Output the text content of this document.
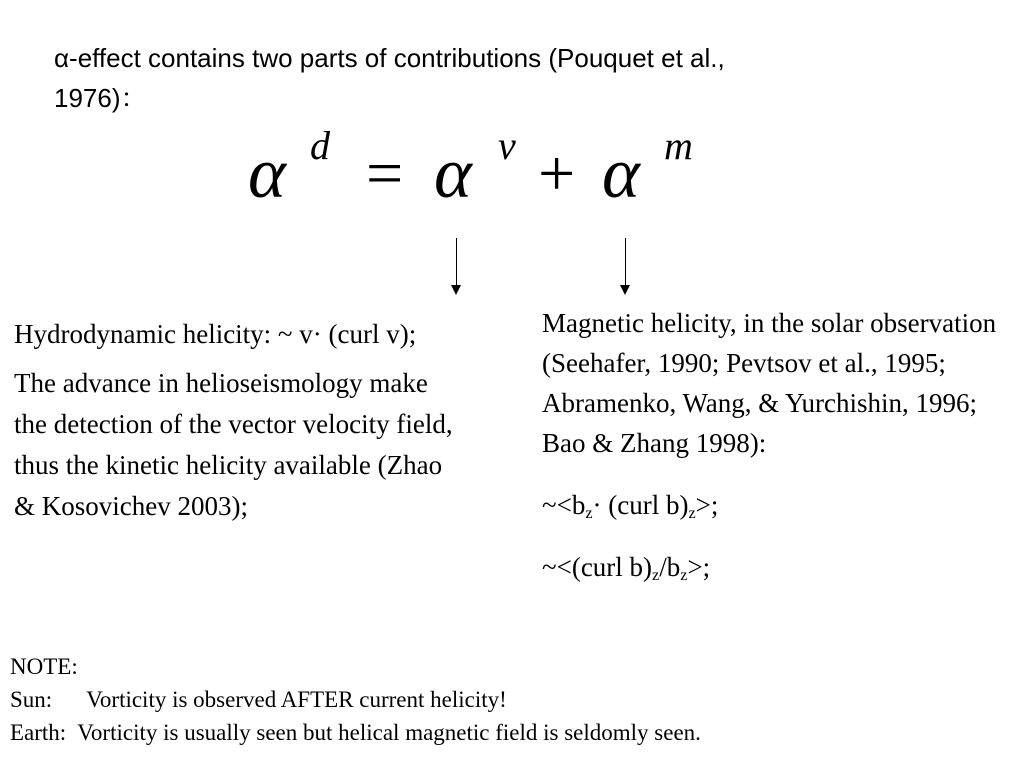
α-effect contains two parts of contributions (Pouquet et al.,
1976)：
α d = α v + α m

Hydrodynamic helicity: ~ v· (curl v);

The advance in helioseismology make the detection of the vector velocity field, thus the kinetic helicity available (Zhao & Kosovichev 2003);

Magnetic helicity, in the solar observation (Seehafer, 1990; Pevtsov et al., 1995; Abramenko, Wang, & Yurchishin, 1996; Bao & Zhang 1998):

$\sim<b_z\cdot$ (curl $b)_z>$;

~<(curl $b)_z/b_z>$;

NOTE:
Sun:      Vorticity is observed AFTER current helicity!
Earth:  Vorticity is usually seen but helical magnetic field is seldomly seen.
